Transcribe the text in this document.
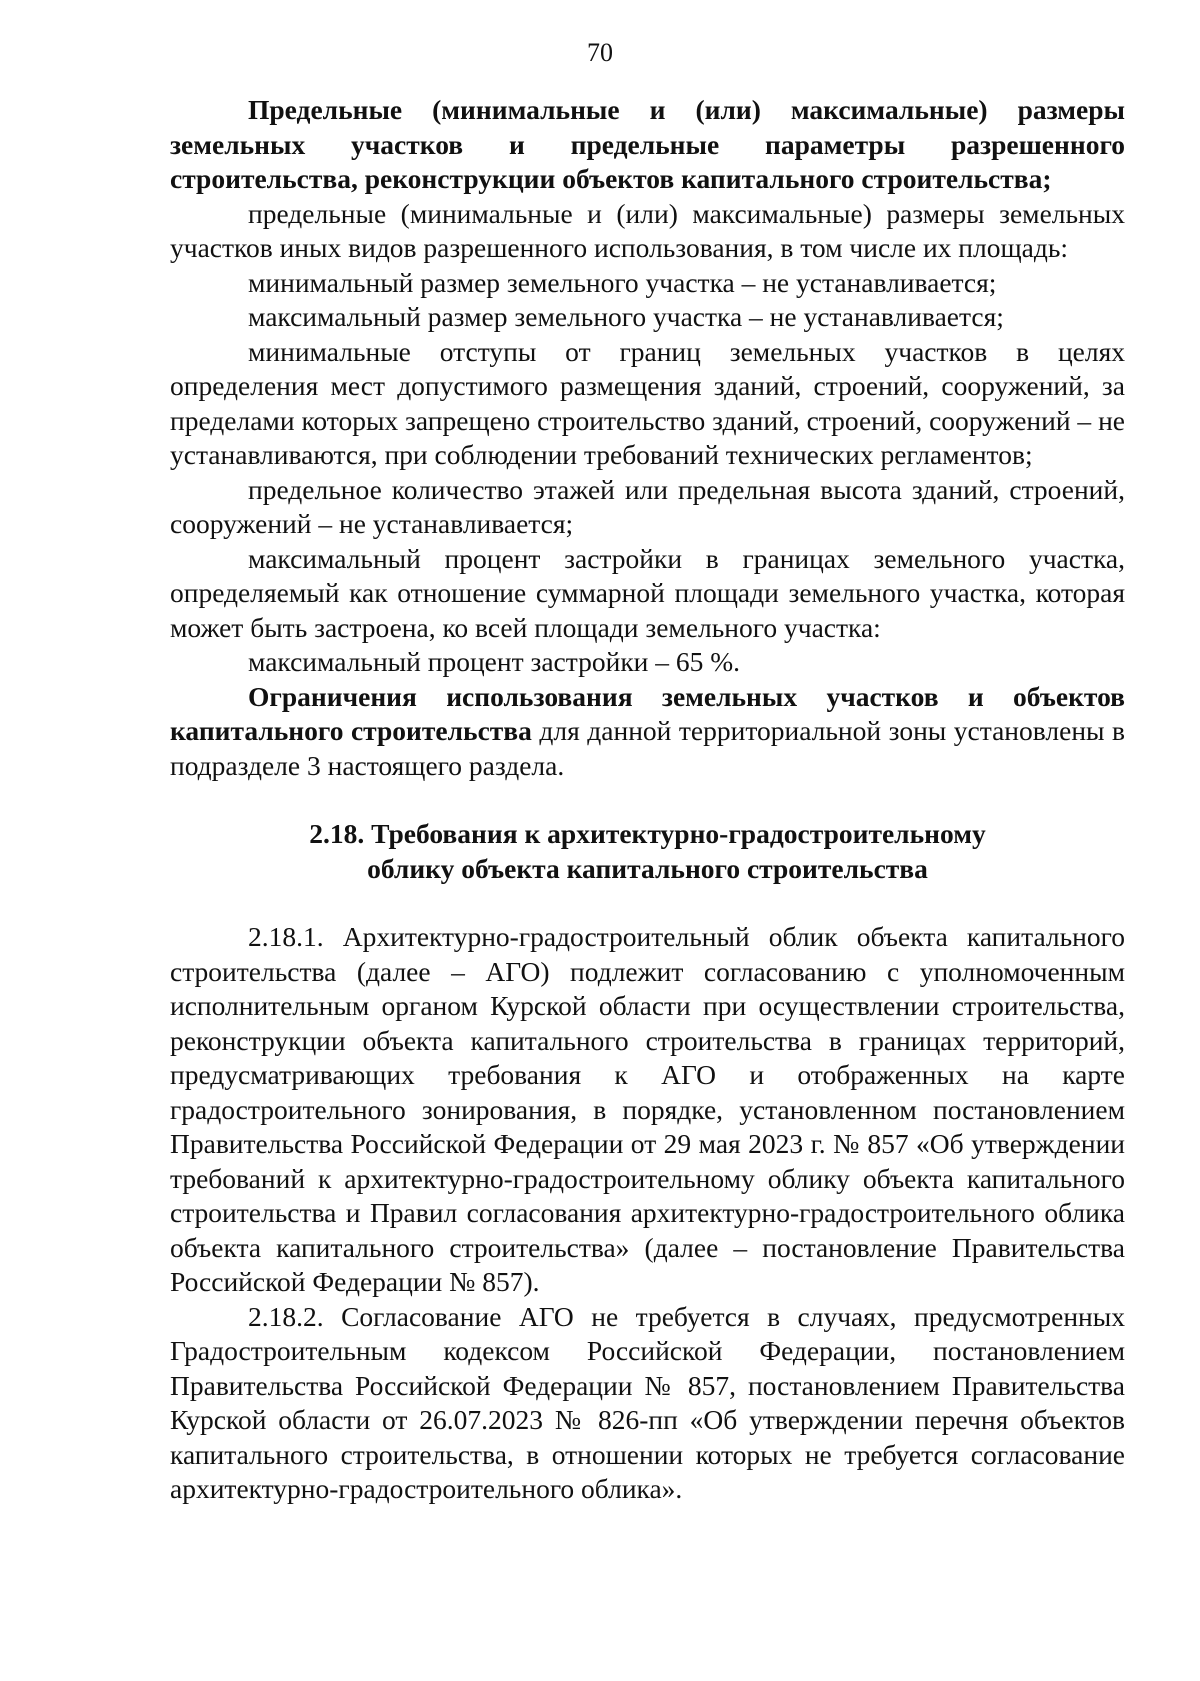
70

Предельные (минимальные и (или) максимальные) размеры земельных участков и предельные параметры разрешенного строительства, реконструкции объектов капитального строительства;

предельные (минимальные и (или) максимальные) размеры земельных участков иных видов разрешенного использования, в том числе их площадь:

минимальный размер земельного участка – не устанавливается;

максимальный размер земельного участка – не устанавливается;

минимальные отступы от границ земельных участков в целях определения мест допустимого размещения зданий, строений, сооружений, за пределами которых запрещено строительство зданий, строений, сооружений – не устанавливаются, при соблюдении требований технических регламентов;

предельное количество этажей или предельная высота зданий, строений, сооружений – не устанавливается;

максимальный процент застройки в границах земельного участка, определяемый как отношение суммарной площади земельного участка, которая может быть застроена, ко всей площади земельного участка:

максимальный процент застройки – 65 %.

Ограничения использования земельных участков и объектов капитального строительства для данной территориальной зоны установлены в подразделе 3 настоящего раздела.

2.18. Требования к архитектурно-градостроительному

облику объекта капитального строительства

2.18.1. Архитектурно-градостроительный облик объекта капитального строительства (далее – АГО) подлежит согласованию с уполномоченным исполнительным органом Курской области при осуществлении строительства, реконструкции объекта капитального строительства в границах территорий, предусматривающих требования к АГО и отображенных на карте градостроительного зонирования, в порядке, установленном постановлением Правительства Российской Федерации от 29 мая 2023 г. № 857 «Об утверждении требований к архитектурно-градостроительному облику объекта капитального строительства и Правил согласования архитектурно-градостроительного облика объекта капитального строительства» (далее – постановление Правительства Российской Федерации № 857).

2.18.2. Согласование АГО не требуется в случаях, предусмотренных Градостроительным кодексом Российской Федерации, постановлением Правительства Российской Федерации № 857, постановлением Правительства Курской области от 26.07.2023 № 826-пп «Об утверждении перечня объектов капитального строительства, в отношении которых не требуется согласование архитектурно-градостроительного облика».
